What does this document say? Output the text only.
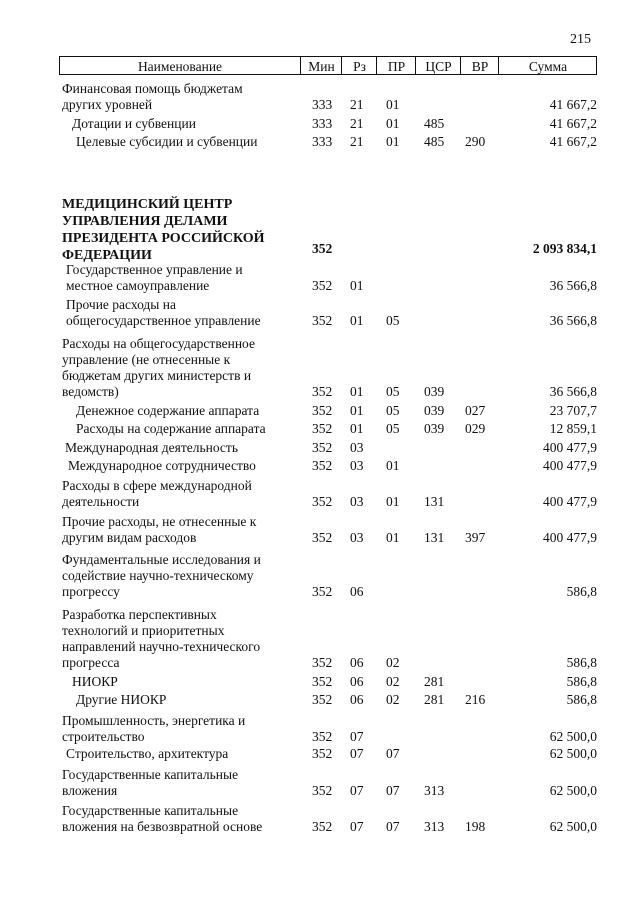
215
Наименование	Мин	Рз	ПР	ЦСР	ВР	Сумма
Финансовая помощь бюджетам
других уровней	333 21 01	41 667,2
Дотации и субвенции	333 21 01 485	41 667,2
Целевые субсидии и субвенции	333 21 01 485 290	41 667,2
МЕДИЦИНСКИЙ ЦЕНТР
УПРАВЛЕНИЯ ДЕЛАМИ
ПРЕЗИДЕНТА РОССИЙСКОЙ
ФЕДЕРАЦИИ	352	2 093 834,1
Государственное управление и
местное самоуправление	352 01	36 566,8
Прочие расходы на
общегосударственное управление	352 01 05	36 566,8
Расходы на общегосударственное
управление (не отнесенные к
бюджетам других министерств и
ведомств)	352 01 05 039	36 566,8
Денежное содержание аппарата	352 01 05 039 027	23 707,7
Расходы на содержание аппарата	352 01 05 039 029	12 859,1
Международная деятельность	352 03	400 477,9
Международное сотрудничество	352 03 01	400 477,9
Расходы в сфере международной
деятельности	352 03 01 131	400 477,9
Прочие расходы, не отнесенные к
другим видам расходов	352 03 01 131 397	400 477,9
Фундаментальные исследования и
содействие научно-техническому
прогрессу	352 06	586,8
Разработка перспективных
технологий и приоритетных
направлений научно-технического
прогресса	352 06 02	586,8
НИОКР	352 06 02 281	586,8
Другие НИОКР	352 06 02 281 216	586,8
Промышленность, энергетика и
строительство	352 07	62 500,0
Строительство, архитектура	352 07 07	62 500,0
Государственные капитальные
вложения	352 07 07 313	62 500,0
Государственные капитальные
вложения на безвозвратной основе	352 07 07 313 198	62 500,0
